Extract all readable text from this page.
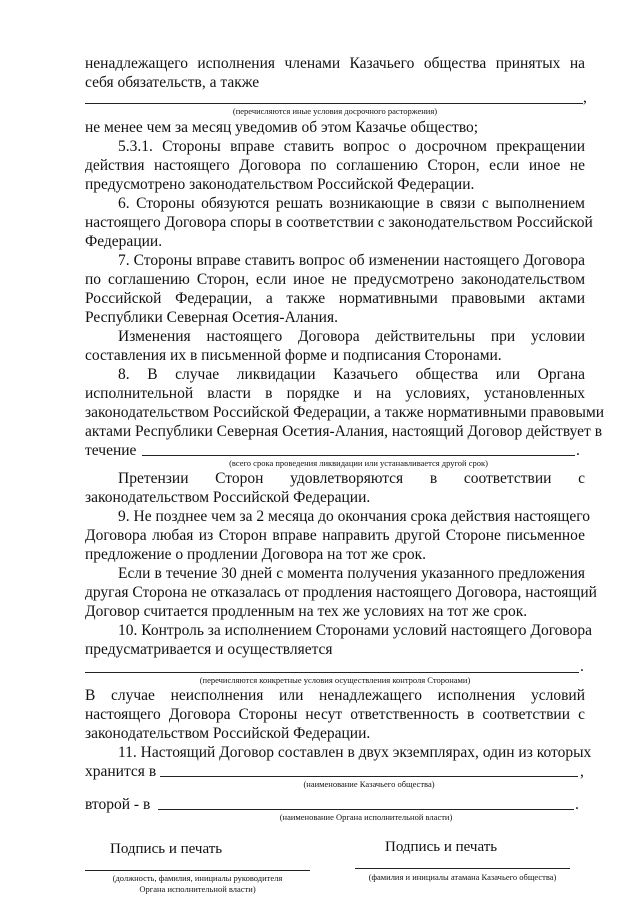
ненадлежащего исполнения членами Казачьего общества принятых на
себя обязательств, а также
,
(перечисляются иные условия досрочного расторжения)
не менее чем за месяц уведомив об этом Казачье общество;
5.3.1. Стороны вправе ставить вопрос о досрочном прекращении
действия настоящего Договора по соглашению Сторон, если иное не
предусмотрено законодательством Российской Федерации.
6. Стороны обязуются решать возникающие в связи с выполнением
настоящего Договора споры в соответствии с законодательством Российской
Федерации.
7. Стороны вправе ставить вопрос об изменении настоящего Договора
по соглашению Сторон, если иное не предусмотрено законодательством
Российской Федерации, а также нормативными правовыми актами
Республики Северная Осетия-Алания.
Изменения настоящего Договора действительны при условии
составления их в письменной форме и подписания Сторонами.
8. В случае ликвидации Казачьего общества или Органа
исполнительной власти в порядке и на условиях, установленных
законодательством Российской Федерации, а также нормативными правовыми
актами Республики Северная Осетия-Алания, настоящий Договор действует в
течение	.
(всего срока проведения ликвидации или устанавливается другой срок)
Претензии Сторон удовлетворяются в соответствии с
законодательством Российской Федерации.
9. Не позднее чем за 2 месяца до окончания срока действия настоящего
Договора любая из Сторон вправе направить другой Стороне письменное
предложение о продлении Договора на тот же срок.
Если в течение 30 дней с момента получения указанного предложения
другая Сторона не отказалась от продления настоящего Договора, настоящий
Договор считается продленным на тех же условиях на тот же срок.
10. Контроль за исполнением Сторонами условий настоящего Договора
предусматривается и осуществляется
.
(перечисляются конкретные условия осуществления контроля Сторонами)
В случае неисполнения или ненадлежащего исполнения условий
настоящего Договора Стороны несут ответственность в соответствии с
законодательством Российской Федерации.
11. Настоящий Договор составлен в двух экземплярах, один из которых
хранится в	,
(наименование Казачьего общества)
второй - в	.
(наименование Органа исполнительной власти)
Подпись и печать	Подпись и печать
(должность, фамилия, инициалы руководителя
Органа исполнительной власти)
(фамилия и инициалы атамана Казачьего общества)
